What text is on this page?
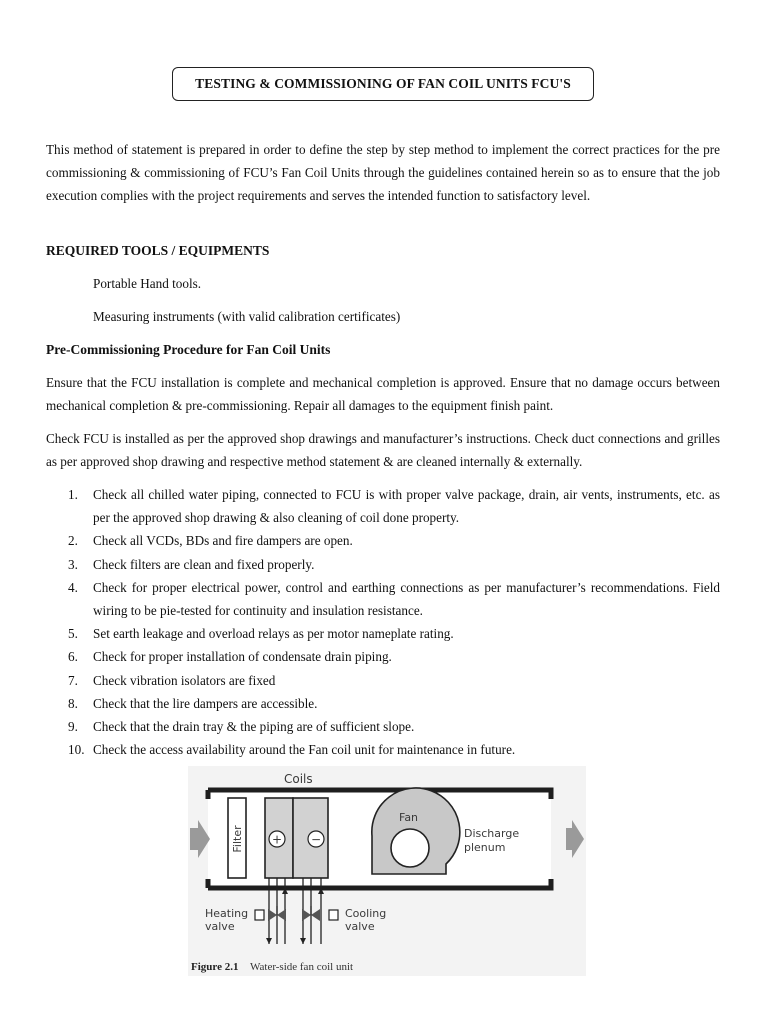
TESTING & COMMISSIONING OF FAN COIL UNITS FCU'S

This method of statement is prepared in order to define the step by step method to implement the correct practices for the pre commissioning & commissioning of FCU’s Fan Coil Units through the guidelines contained herein so as to ensure that the job execution complies with the project requirements and serves the intended function to satisfactory level.

REQUIRED TOOLS / EQUIPMENTS

Portable Hand tools.

Measuring instruments (with valid calibration certificates)

Pre-Commissioning Procedure for Fan Coil Units

Ensure that the FCU installation is complete and mechanical completion is approved. Ensure that no damage occurs between mechanical completion & pre-commissioning. Repair all damages to the equipment finish paint.

Check FCU is installed as per the approved shop drawings and manufacturer’s instructions. Check duct connections and grilles as per approved shop drawing and respective method statement & are cleaned internally & externally.

1. Check all chilled water piping, connected to FCU is with proper valve package, drain, air vents, instruments, etc. as per the approved shop drawing & also cleaning of coil done property.
2. Check all VCDs, BDs and fire dampers are open.
3. Check filters are clean and fixed properly.
4. Check for proper electrical power, control and earthing connections as per manufacturer’s recommendations. Field wiring to be pie-tested for continuity and insulation resistance.
5. Set earth leakage and overload relays as per motor nameplate rating.
6. Check for proper installation of condensate drain piping.
7. Check vibration isolators are fixed
8. Check that the lire dampers are accessible.
9. Check that the drain tray & the piping are of sufficient slope.
10. Check the access availability around the Fan coil unit for maintenance in future.
Filter + −
Coils
Fan
Discharge
plenum
Heating
valve
Cooling
valve
Figure 2.1 Water-side fan coil unit
